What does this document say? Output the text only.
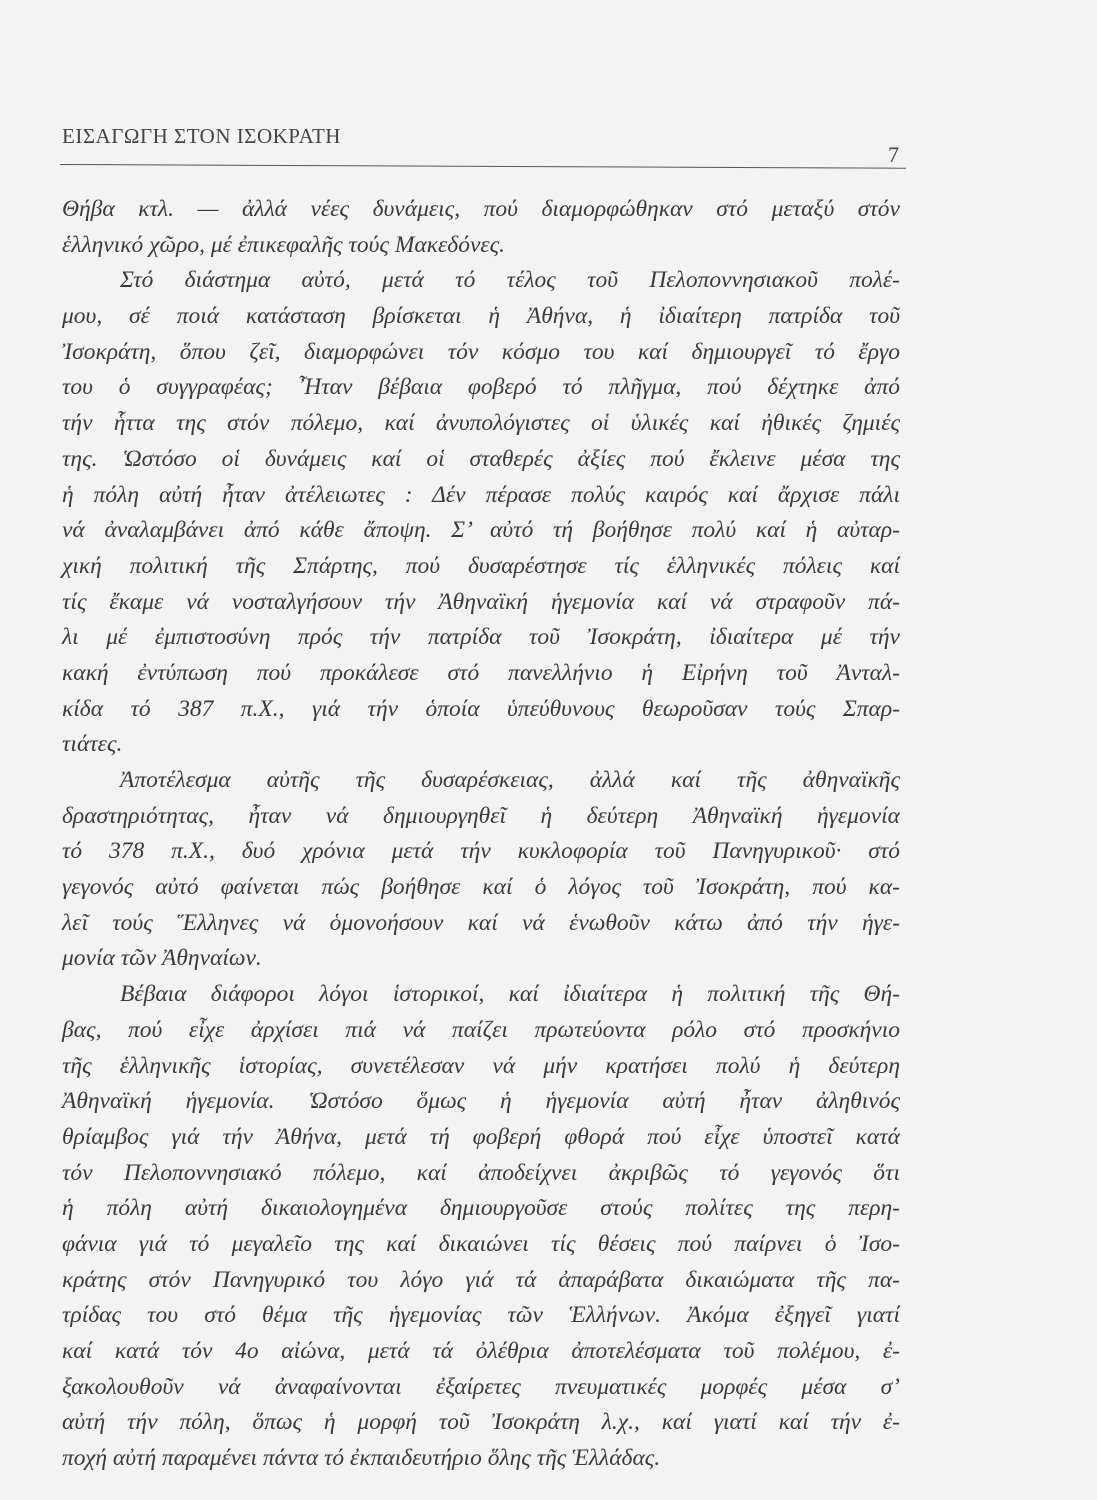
ΕΙΣΑΓΩΓΗ ΣΤΟΝ ΙΣΟΚΡΑΤΗ
7
Θήβα κτλ. — ἀλλά νέες δυνάμεις, πού διαμορφώθηκαν στό μεταξύ στόν
ἑλληνικό χῶρο, μέ ἐπικεφαλῆς τούς Μακεδόνες.
Στό διάστημα αὐτό, μετά τό τέλος τοῦ Πελοποννησιακοῦ πολέ-
μου, σέ ποιά κατάσταση βρίσκεται ἡ Ἀθήνα, ἡ ἰδιαίτερη πατρίδα τοῦ
Ἰσοκράτη, ὅπου ζεῖ, διαμορφώνει τόν κόσμο του καί δημιουργεῖ τό ἔργο
του ὁ συγγραφέας; Ἦταν βέβαια φοβερό τό πλῆγμα, πού δέχτηκε ἀπό
τήν ἧττα της στόν πόλεμο, καί ἀνυπολόγιστες οἱ ὑλικές καί ἠθικές ζημιές
της. Ὡστόσο οἱ δυνάμεις καί οἱ σταθερές ἀξίες πού ἔκλεινε μέσα της
ἡ πόλη αὐτή ἦταν ἀτέλειωτες : Δέν πέρασε πολύς καιρός καί ἄρχισε πάλι
νά ἀναλαμβάνει ἀπό κάθε ἄποψη. Σ’ αὐτό τή βοήθησε πολύ καί ἡ αὐταρ-
χική πολιτική τῆς Σπάρτης, πού δυσαρέστησε τίς ἑλληνικές πόλεις καί
τίς ἔκαμε νά νοσταλγήσουν τήν Ἀθηναϊκή ἡγεμονία καί νά στραφοῦν πά-
λι μέ ἐμπιστοσύνη πρός τήν πατρίδα τοῦ Ἰσοκράτη, ἰδιαίτερα μέ τήν
κακή ἐντύπωση πού προκάλεσε στό πανελλήνιο ἡ Εἰρήνη τοῦ Ἀνταλ-
κίδα τό 387 π.Χ., γιά τήν ὁποία ὑπεύθυνους θεωροῦσαν τούς Σπαρ-
τιάτες.
Ἀποτέλεσμα αὐτῆς τῆς δυσαρέσκειας, ἀλλά καί τῆς ἀθηναϊκῆς
δραστηριότητας, ἦταν νά δημιουργηθεῖ ἡ δεύτερη Ἀθηναϊκή ἡγεμονία
τό 378 π.Χ., δυό χρόνια μετά τήν κυκλοφορία τοῦ Πανηγυρικοῦ· στό
γεγονός αὐτό φαίνεται πώς βοήθησε καί ὁ λόγος τοῦ Ἰσοκράτη, πού κα-
λεῖ τούς Ἕλληνες νά ὁμονοήσουν καί νά ἑνωθοῦν κάτω ἀπό τήν ἡγε-
μονία τῶν Ἀθηναίων.
Βέβαια διάφοροι λόγοι ἱστορικοί, καί ἰδιαίτερα ἡ πολιτική τῆς Θή-
βας, πού εἶχε ἀρχίσει πιά νά παίζει πρωτεύοντα ρόλο στό προσκήνιο
τῆς ἑλληνικῆς ἱστορίας, συνετέλεσαν νά μήν κρατήσει πολύ ἡ δεύτερη
Ἀθηναϊκή ἡγεμονία. Ὡστόσο ὅμως ἡ ἡγεμονία αὐτή ἦταν ἀληθινός
θρίαμβος γιά τήν Ἀθήνα, μετά τή φοβερή φθορά πού εἶχε ὑποστεῖ κατά
τόν Πελοποννησιακό πόλεμο, καί ἀποδείχνει ἀκριβῶς τό γεγονός ὅτι
ἡ πόλη αὐτή δικαιολογημένα δημιουργοῦσε στούς πολίτες της περη-
φάνια γιά τό μεγαλεῖο της καί δικαιώνει τίς θέσεις πού παίρνει ὁ Ἰσο-
κράτης στόν Πανηγυρικό του λόγο γιά τά ἀπαράβατα δικαιώματα τῆς πα-
τρίδας του στό θέμα τῆς ἡγεμονίας τῶν Ἑλλήνων. Ἀκόμα ἐξηγεῖ γιατί
καί κατά τόν 4ο αἰώνα, μετά τά ὀλέθρια ἀποτελέσματα τοῦ πολέμου, ἐ-
ξακολουθοῦν νά ἀναφαίνονται ἐξαίρετες πνευματικές μορφές μέσα σ’
αὐτή τήν πόλη, ὅπως ἡ μορφή τοῦ Ἰσοκράτη λ.χ., καί γιατί καί τήν ἐ-
ποχή αὐτή παραμένει πάντα τό ἐκπαιδευτήριο ὅλης τῆς Ἑλλάδας.
